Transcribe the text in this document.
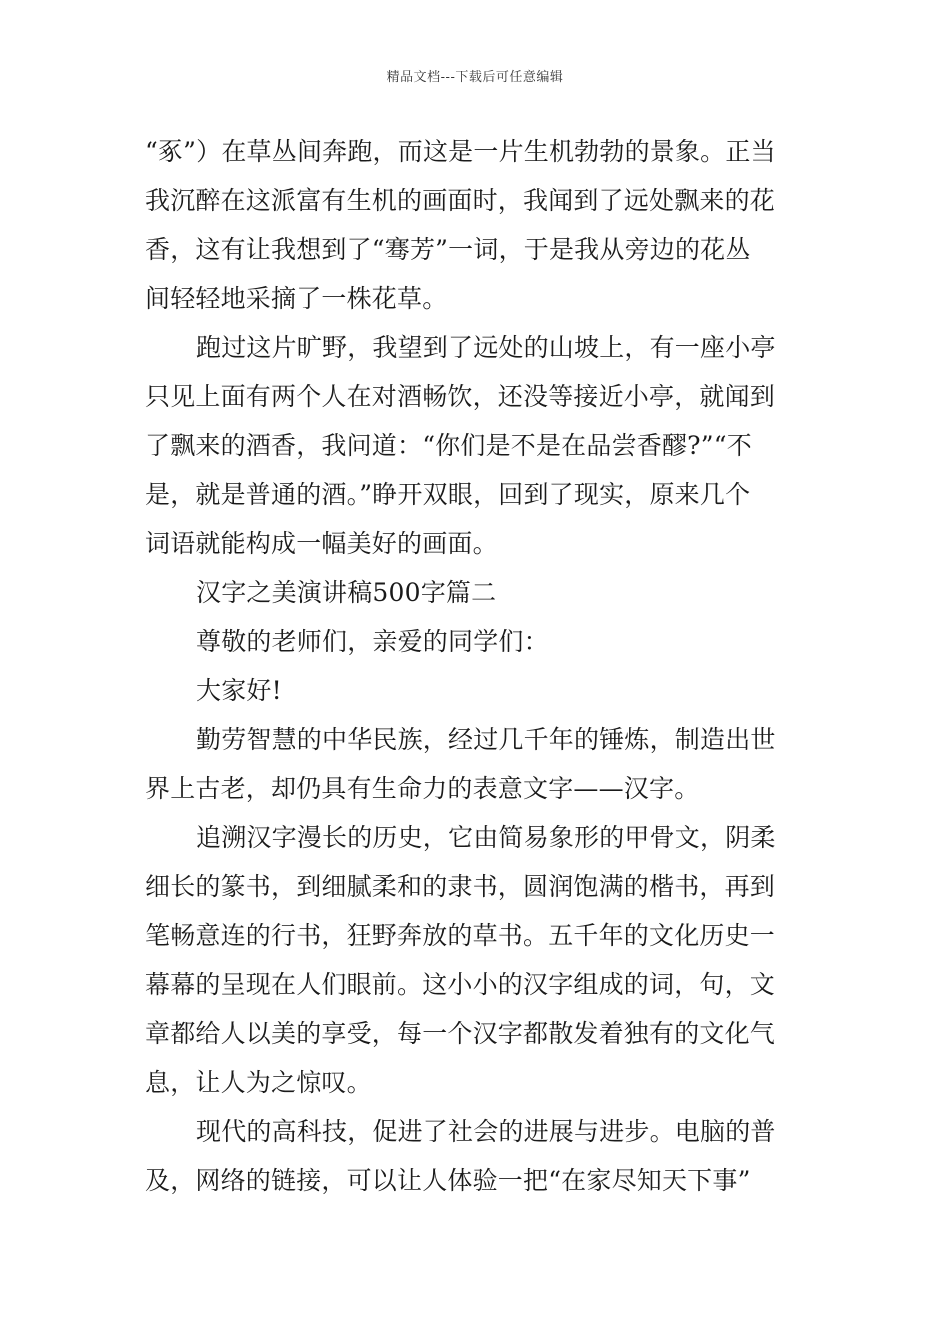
精品文档---下载后可任意编辑
“豖”）在草丛间奔跑，而这是一片生机勃勃的景象。正当
我沉醉在这派富有生机的画面时，我闻到了远处飘来的花
香，这有让我想到了“骞芳”一词，于是我从旁边的花丛
间轻轻地采摘了一株花草。
跑过这片旷野，我望到了远处的山坡上，有一座小亭
只见上面有两个人在对酒畅饮，还没等接近小亭，就闻到
了飘来的酒香，我问道：“你们是不是在品尝香醪?”“不
是，就是普通的酒。”睁开双眼，回到了现实，原来几个
词语就能构成一幅美好的画面。
汉字之美演讲稿500字篇二
尊敬的老师们，亲爱的同学们：
大家好!
勤劳智慧的中华民族，经过几千年的锤炼，制造出世
界上古老，却仍具有生命力的表意文字——汉字。
追溯汉字漫长的历史，它由简易象形的甲骨文，阴柔
细长的篆书，到细腻柔和的隶书，圆润饱满的楷书，再到
笔畅意连的行书，狂野奔放的草书。五千年的文化历史一
幕幕的呈现在人们眼前。这小小的汉字组成的词，句，文
章都给人以美的享受，每一个汉字都散发着独有的文化气
息，让人为之惊叹。
现代的高科技，促进了社会的进展与进步。电脑的普
及，网络的链接，可以让人体验一把“在家尽知天下事”
